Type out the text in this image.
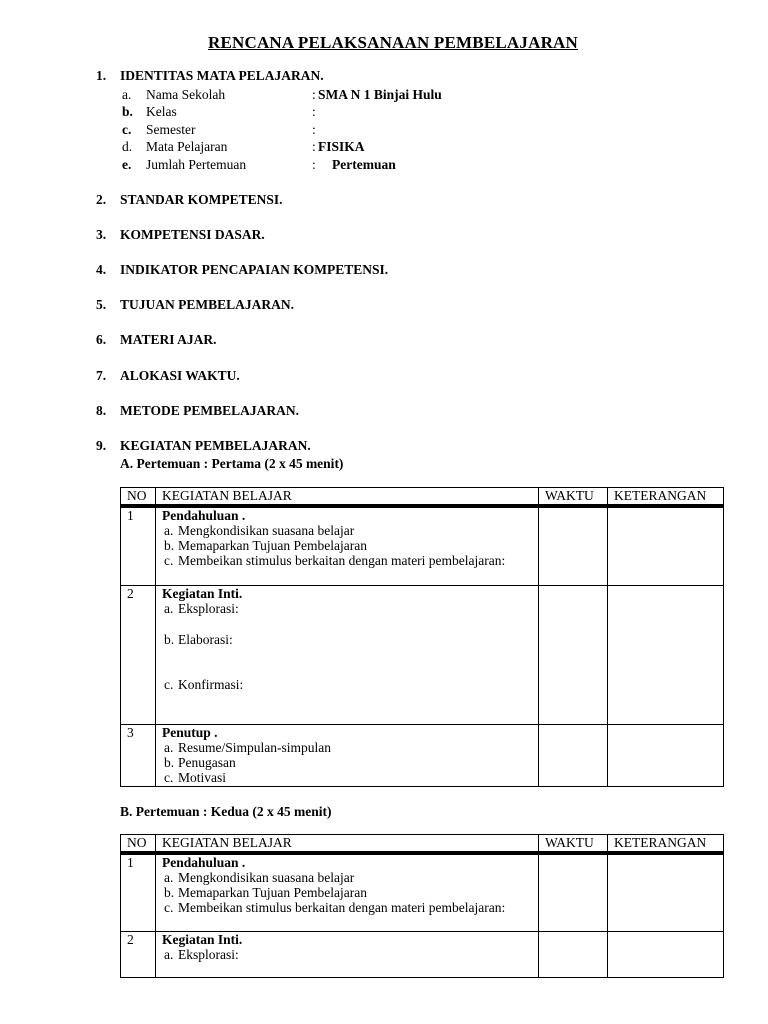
RENCANA PELAKSANAAN PEMBELAJARAN
1. IDENTITAS MATA PELAJARAN.
a. Nama Sekolah	: SMA N 1 Binjai Hulu
b. Kelas	:
c. Semester	:
d. Mata Pelajaran	: FISIKA
e. Jumlah Pertemuan	: Pertemuan
2. STANDAR KOMPETENSI.
3. KOMPETENSI DASAR.
4. INDIKATOR PENCAPAIAN KOMPETENSI.
5. TUJUAN PEMBELAJARAN.
6. MATERI AJAR.
7. ALOKASI WAKTU.
8. METODE PEMBELAJARAN.
9. KEGIATAN PEMBELAJARAN.
A. Pertemuan : Pertama (2 x 45 menit)
NO	KEGIATAN BELAJAR	WAKTU	KETERANGAN
1	Pendahuluan .
a. Mengkondisikan suasana belajar
b. Memaparkan Tujuan Pembelajaran
c. Membeikan stimulus berkaitan dengan materi pembelajaran:		

2	Kegiatan Inti.
a. Eksplorasi:
b. Elaborasi:
c. Konfirmasi:		

3	Penutup .
a. Resume/Simpulan-simpulan
b. Penugasan
c. Motivasi		

B. Pertemuan : Kedua (2 x 45 menit)
NO	KEGIATAN BELAJAR	WAKTU	KETERANGAN
1	Pendahuluan .
a. Mengkondisikan suasana belajar
b. Memaparkan Tujuan Pembelajaran
c. Membeikan stimulus berkaitan dengan materi pembelajaran:		

2	Kegiatan Inti.
a. Eksplorasi:		
